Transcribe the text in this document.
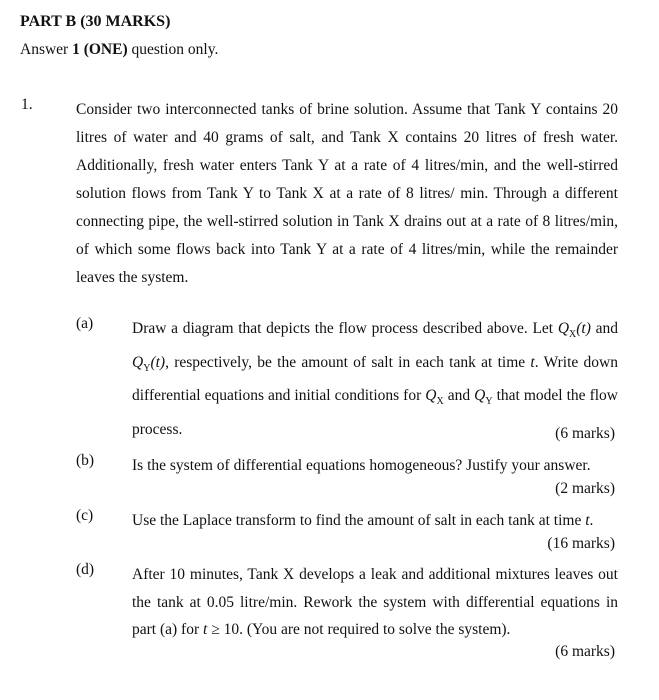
PART B (30 MARKS)
Answer 1 (ONE) question only.
1.	Consider two interconnected tanks of brine solution. Assume that Tank Y contains 20 litres of water and 40 grams of salt, and Tank X contains 20 litres of fresh water. Additionally, fresh water enters Tank Y at a rate of 4 litres/min, and the well-stirred solution flows from Tank Y to Tank X at a rate of 8 litres/ min. Through a different connecting pipe, the well-stirred solution in Tank X drains out at a rate of 8 litres/min, of which some flows back into Tank Y at a rate of 4 litres/min, while the remainder leaves the system.
(a)	Draw a diagram that depicts the flow process described above. Let $Q_X(t)$ and $Q_Y(t)$, respectively, be the amount of salt in each tank at time t. Write down differential equations and initial conditions for $Q_X$ and $Q_Y$ that model the flow process.	(6 marks)
(b) Is the system of differential equations homogeneous? Justify your answer.
(2 marks)
(c)	Use the Laplace transform to find the amount of salt in each tank at time t.
(16 marks)
(d) After 10 minutes, Tank X develops a leak and additional mixtures leaves out the tank at 0.05 litre/min. Rework the system with differential equations in part (a) for t ≥ 10. (You are not required to solve the system).
(6 marks)
